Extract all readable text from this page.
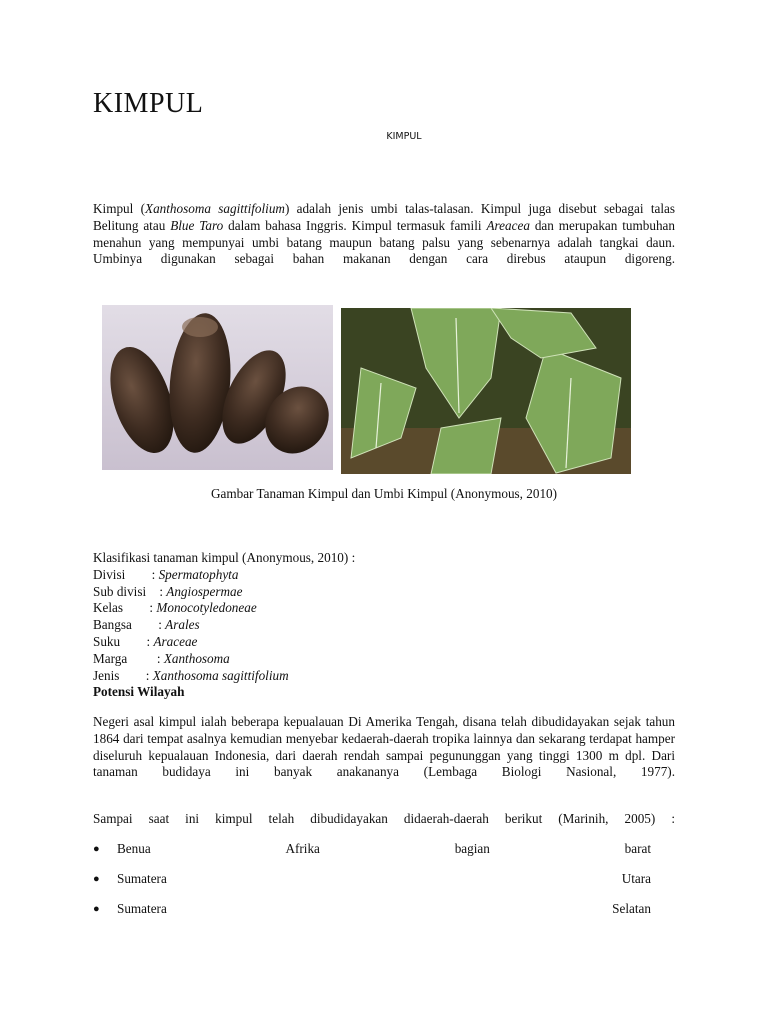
KIMPUL
KIMPUL
Kimpul (Xanthosoma sagittifolium) adalah jenis umbi talas-talasan. Kimpul juga disebut sebagai talas Belitung atau Blue Taro dalam bahasa Inggris. Kimpul termasuk famili Areacea dan merupakan tumbuhan menahun yang mempunyai umbi batang maupun batang palsu yang sebenarnya adalah tangkai daun. Umbinya digunakan sebagai bahan makanan dengan cara direbus ataupun digoreng.
Gambar Tanaman Kimpul dan Umbi Kimpul (Anonymous, 2010)
Klasifikasi tanaman kimpul (Anonymous, 2010) :
Divisi        : Spermatophyta
Sub divisi    : Angiospermae
Kelas        : Monocotyledoneae
Bangsa        : Arales
Suku        : Araceae
Marga         : Xanthosoma
Jenis        : Xanthosoma sagittifolium
Potensi Wilayah
Negeri asal kimpul ialah beberapa kepualauan Di Amerika Tengah, disana telah dibudidayakan sejak tahun 1864 dari tempat asalnya kemudian menyebar kedaerah-daerah tropika lainnya dan sekarang terdapat hamper diseluruh kepualauan Indonesia, dari daerah rendah sampai pegununggan yang tinggi 1300 m dpl. Dari tanaman budidaya ini banyak anakananya (Lembaga Biologi Nasional, 1977).
Sampai saat ini kimpul telah dibudidayakan didaerah-daerah berikut (Marinih, 2005) :
●	Benua	Afrika	bagian	barat
●	Sumatera	Utara
●	Sumatera	Selatan
